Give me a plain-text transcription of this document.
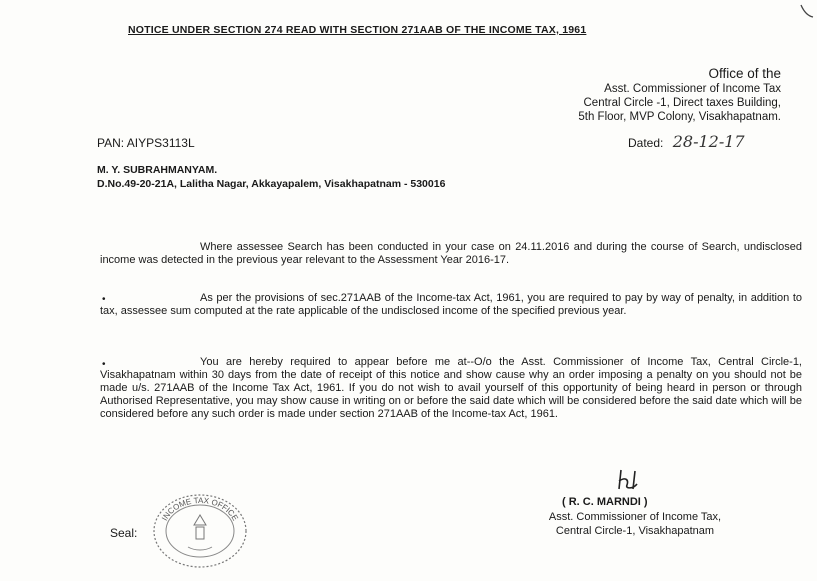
NOTICE UNDER SECTION 274 READ WITH SECTION 271AAB OF THE INCOME TAX, 1961
Office of the
Asst. Commissioner of Income Tax
Central Circle -1, Direct taxes Building,
5th Floor, MVP Colony, Visakhapatnam.
PAN: AIYPS3113L	Dated: 28-12-17
M. Y. SUBRAHMANYAM.
D.No.49-20-21A, Lalitha Nagar, Akkayapalem, Visakhapatnam - 530016
Where assessee Search has been conducted in your case on 24.11.2016 and during the course of Search, undisclosed income was detected in the previous year relevant to the Assessment Year 2016-17.
•	As per the provisions of sec.271AAB of the Income-tax Act, 1961, you are required to pay by way of penalty, in addition to tax, assessee sum computed at the rate applicable of the undisclosed income of the specified previous year.
•	You are hereby required to appear before me at--O/o the Asst. Commissioner of Income Tax, Central Circle-1, Visakhapatnam within 30 days from the date of receipt of this notice and show cause why an order imposing a penalty on you should not be made u/s. 271AAB of the Income Tax Act, 1961. If you do not wish to avail yourself of this opportunity of being heard in person or through Authorised Representative, you may show cause in writing on or before the said date which will be considered before the said date which will be considered before any such order is made under section 271AAB of the Income-tax Act, 1961.
( R. C. MARNDI )
Asst. Commissioner of Income Tax,
Central Circle-1, Visakhapatnam
Seal:
INCOME TAX OFFICE
